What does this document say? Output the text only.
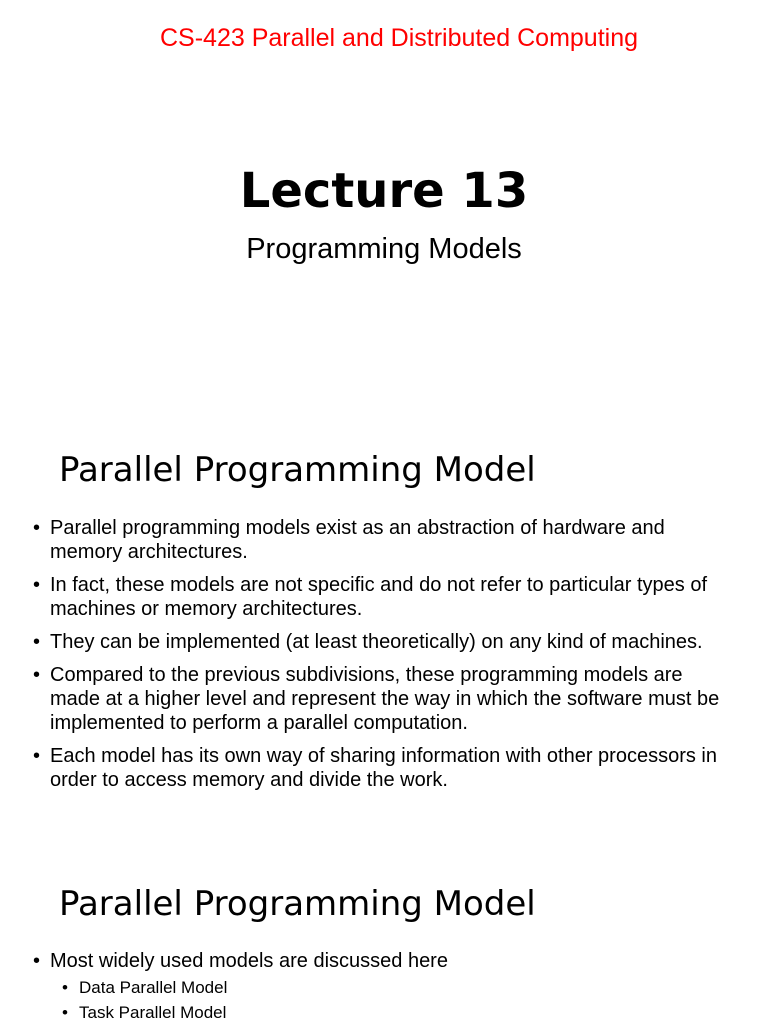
CS-423 Parallel and Distributed Computing
Lecture 13
Programming Models
Parallel Programming Model
• Parallel programming models exist as an abstraction of hardware and memory architectures.
• In fact, these models are not specific and do not refer to particular types of machines or memory architectures.
• They can be implemented (at least theoretically) on any kind of machines.
• Compared to the previous subdivisions, these programming models are made at a higher level and represent the way in which the software must be implemented to perform a parallel computation.
• Each model has its own way of sharing information with other processors in order to access memory and divide the work.
Parallel Programming Model
• Most widely used models are discussed here
• Data Parallel Model
• Task Parallel Model
